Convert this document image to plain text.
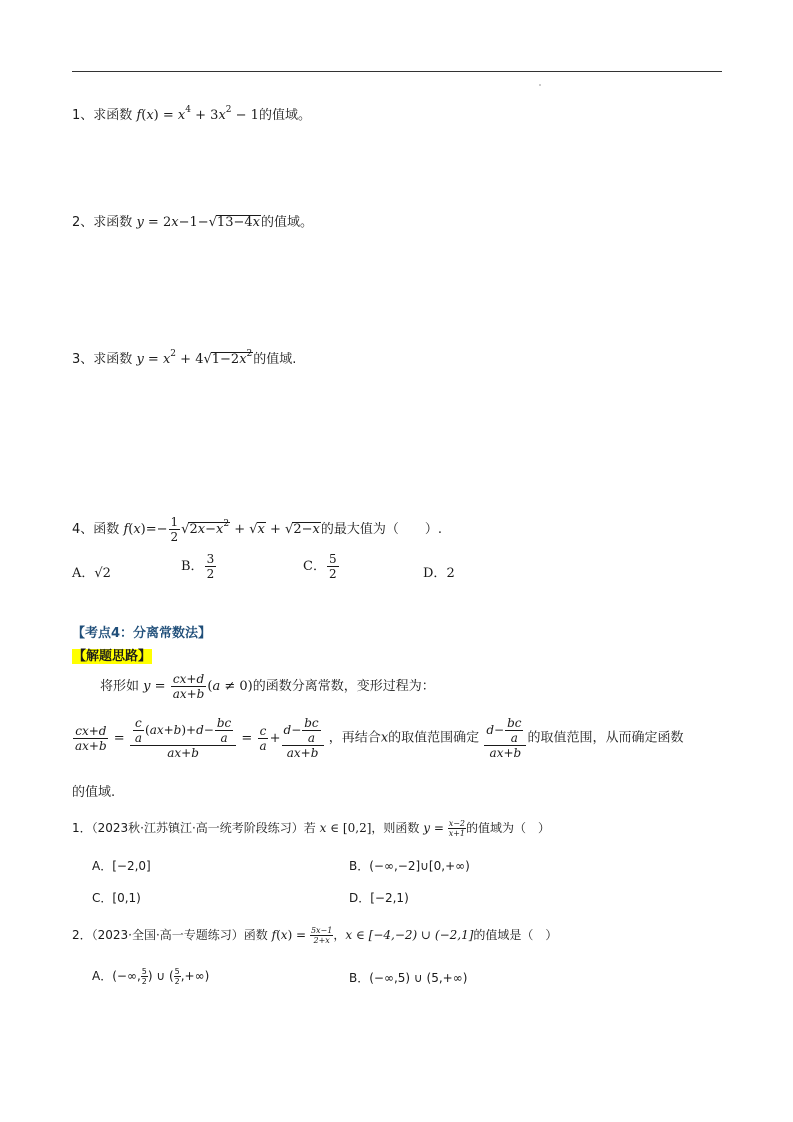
1、求函数 $f(x) = x^4 + 3x^2 - 1$的值域。
2、求函数 y = 2x−1−√13−4x的值域。
3、求函数 $y = x^2 + 4√1-2x^2$的值域.
4、函数 $f(x)=- \frac{1}{2} √2x-x^2 + √x + √2-x$的最大值为（　　）.
A．√2	B． $\frac{3}{2}$	C． $\frac{5}{2}$	D．2
【考点4：分离常数法】
【解题思路】
将形如 $y = \frac{cx+d}{ax+b} (a \ne 0)$的函数分离常数，变形过程为：
$\frac{cx+d}{ax+b} = \frac{\frac{c}{a} (ax+b)+d- \frac{bc}{a}}{ax+b} = \frac{c}{a} + \frac{d- \frac{bc}{a}}{ax+b}$ ，再结合x的取值范围确定 $\frac{d- \frac{bc}{a}}{ax+b}$ 的取值范围，从而确定函数
的值域.
1．（2023秋·江苏镇江·高一统考阶段练习）若 x ∈ [0,2]，则函数 $y = \frac{x-2}{x+1}$ 的值域为（　）
A．[−2,0]	B．(−∞,−2]∪[0,+∞)
C．[0,1)	D．[−2,1)
2．（2023·全国·高一专题练习）函数 $f(x) = \frac{5x-1}{2+x}$ ，x ∈ [−4,−2) ∪ (−2,1]的值域是（　）
A．(−∞, $\frac{5}{2}$ ) ∪ ( $\frac{5}{2}$ ,+∞)	B．(−∞,5) ∪ (5,+∞)
